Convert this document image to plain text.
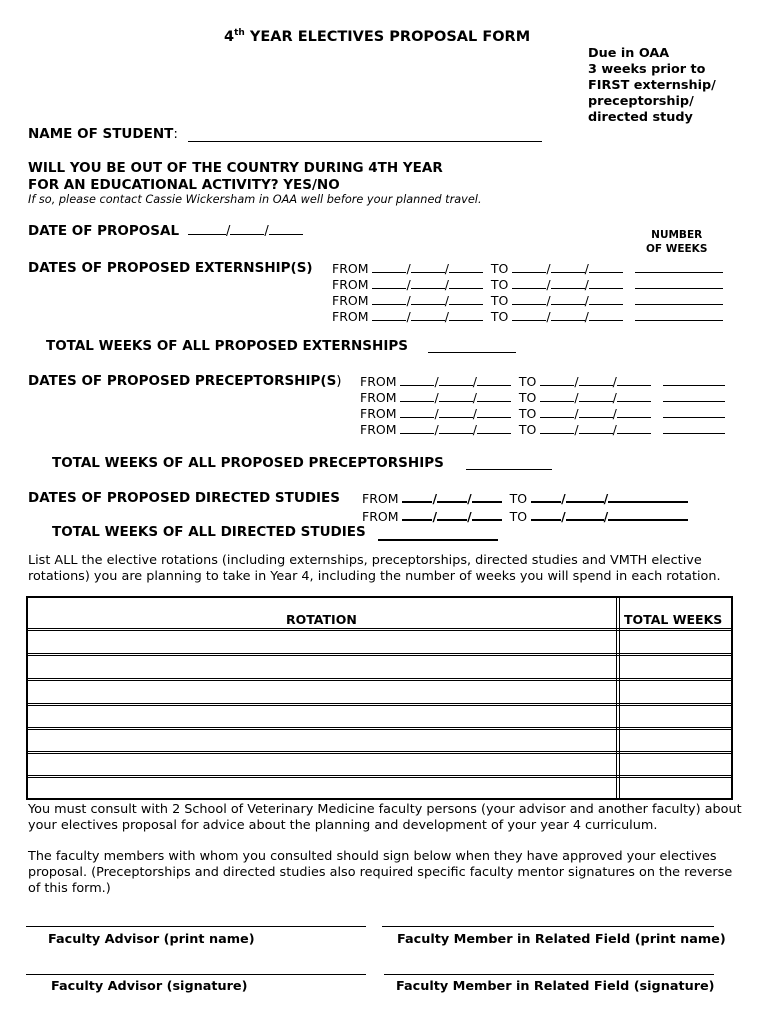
4th YEAR ELECTIVES PROPOSAL FORM
Due in OAA
3 weeks prior to
FIRST externship/
preceptorship/
directed study
NAME OF STUDENT:
WILL YOU BE OUT OF THE COUNTRY DURING 4TH YEAR
FOR AN EDUCATIONAL ACTIVITY? YES/NO
If so, please contact Cassie Wickersham in OAA well before your planned travel.
DATE OF PROPOSAL	/	/	NUMBER
OF WEEKS
DATES OF PROPOSED EXTERNSHIP(S) FROM	/	/	TO	/	/
FROM	/	/	TO	/	/
FROM	/	/	TO	/	/
FROM	/	/	TO	/	/
TOTAL WEEKS OF ALL PROPOSED EXTERNSHIPS
DATES OF PROPOSED PRECEPTORSHIP(S) FROM	/	/	TO	/	/
FROM	/	/	TO	/	/
FROM	/	/	TO	/	/
FROM	/	/	TO	/	/
TOTAL WEEKS OF ALL PROPOSED PRECEPTORSHIPS
DATES OF PROPOSED DIRECTED STUDIES FROM	/ /	TO	/	/
FROM	/ /	TO	/	/
TOTAL WEEKS OF ALL DIRECTED STUDIES
List ALL the elective rotations (including externships, preceptorships, directed studies and VMTH elective rotations) you are planning to take in Year 4, including the number of weeks you will spend in each rotation.
ROTATION	TOTAL WEEKS
You must consult with 2 School of Veterinary Medicine faculty persons (your advisor and another faculty) about your electives proposal for advice about the planning and development of your year 4 curriculum.
The faculty members with whom you consulted should sign below when they have approved your electives proposal. (Preceptorships and directed studies also required specific faculty mentor signatures on the reverse of this form.)
Faculty Advisor (print name)	Faculty Member in Related Field (print name)
Faculty Advisor (signature)	Faculty Member in Related Field (signature)
